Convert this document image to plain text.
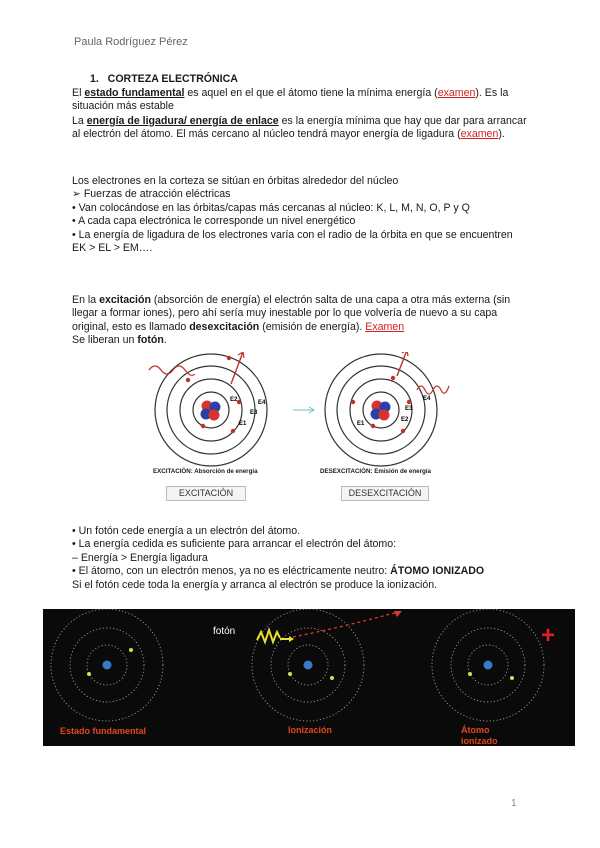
Paula Rodríguez Pérez
1.   CORTEZA ELECTRÓNICA
El estado fundamental es aquel en el que el átomo tiene la mínima energía (examen). Es la situación más estable
La energía de ligadura/ energía de enlace es la energía mínima que hay que dar para arrancar al electrón del átomo. El más cercano al núcleo tendrá mayor energía de ligadura (examen).
Los electrones en la corteza se sitúan en órbitas alrededor del núcleo
➢ Fuerzas de atracción eléctricas
• Van colocándose en las órbitas/capas más cercanas al núcleo: K, L, M, N, O, P y Q
• A cada capa electrónica le corresponde un nivel energético
• La energía de ligadura de los electrones varía con el radio de la órbita en que se encuentren
EK > EL > EM….
En la excitación (absorción de energía) el electrón salta de una capa a otra más externa (sin llegar a formar iones), pero ahí sería muy inestable por lo que volvería de nuevo a su capa original, esto es llamado desexcitación (emisión de energía). Examen
Se liberan un fotón.
E1
E2
E3
E4
E1
E2
E3
E4
EXCITACIÓN: Absorción de energía	DESEXCITACIÓN: Emisión de energía
EXCITACIÓN	DESEXCITACIÓN
• Un fotón cede energía a un electrón del átomo.
• La energía cedida es suficiente para arrancar el electrón del átomo:
– Energía > Energía ligadura
• El átomo, con un electrón menos, ya no es eléctricamente neutro: ÁTOMO IONIZADO
Si el fotón cede toda la energía y arranca al electrón se produce la ionización.
fotón	+
Estado fundamental	Ionización	Átomo
ionizado
1
